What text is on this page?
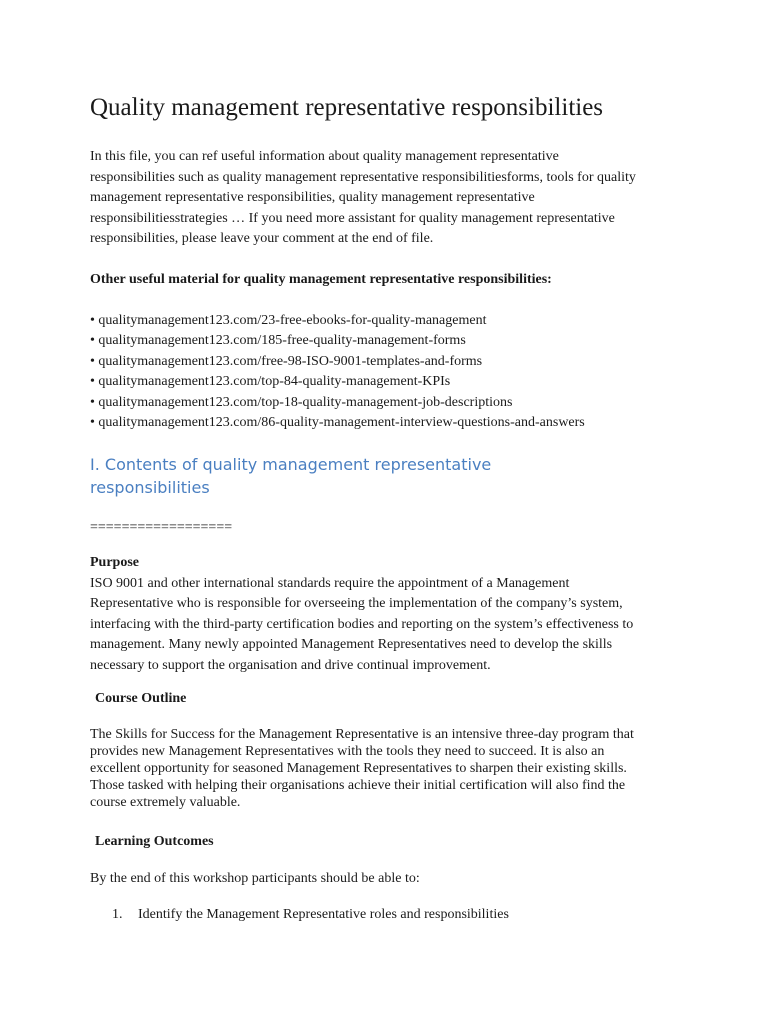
Quality management representative responsibilities

In this file, you can ref useful information about quality management representative
responsibilities such as quality management representative responsibilitiesforms, tools for quality
management representative responsibilities, quality management representative
responsibilitiesstrategies … If you need more assistant for quality management representative
responsibilities, please leave your comment at the end of file.

Other useful material for quality management representative responsibilities:

• qualitymanagement123.com/23-free-ebooks-for-quality-management
• qualitymanagement123.com/185-free-quality-management-forms
• qualitymanagement123.com/free-98-ISO-9001-templates-and-forms
• qualitymanagement123.com/top-84-quality-management-KPIs
• qualitymanagement123.com/top-18-quality-management-job-descriptions
• qualitymanagement123.com/86-quality-management-interview-questions-and-answers
I. Contents of quality management representative
responsibilities

==================

Purpose

ISO 9001 and other international standards require the appointment of a Management
Representative who is responsible for overseeing the implementation of the company’s system,
interfacing with the third-party certification bodies and reporting on the system’s effectiveness to
management. Many newly appointed Management Representatives need to develop the skills
necessary to support the organisation and drive continual improvement.

Course Outline

The Skills for Success for the Management Representative is an intensive three-day program that
provides new Management Representatives with the tools they need to succeed. It is also an
excellent opportunity for seasoned Management Representatives to sharpen their existing skills.
Those tasked with helping their organisations achieve their initial certification will also find the
course extremely valuable.

Learning Outcomes

By the end of this workshop participants should be able to:

1. Identify the Management Representative roles and responsibilities
